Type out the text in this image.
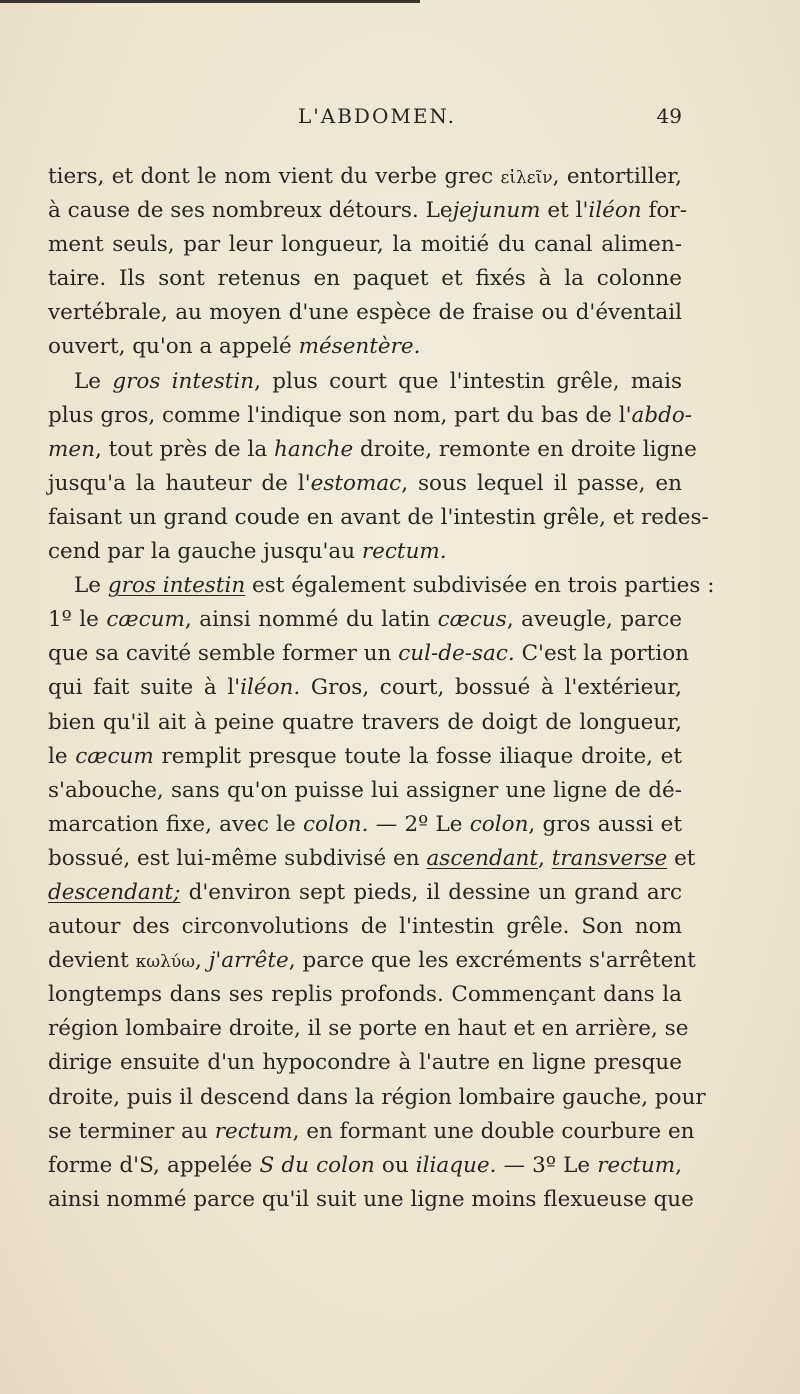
L'ABDOMEN.	49
tiers, et dont le nom vient du verbe grec εἰλεῖν, entortiller,
à cause de ses nombreux détours. Lejejunum et l'iléon for-
ment seuls, par leur longueur, la moitié du canal alimen-
taire. Ils sont retenus en paquet et fixés à la colonne
vertébrale, au moyen d'une espèce de fraise ou d'éventail
ouvert, qu'on a appelé mésentère.
Le gros intestin, plus court que l'intestin grêle, mais
plus gros, comme l'indique son nom, part du bas de l'abdo-
men, tout près de la hanche droite, remonte en droite ligne
jusqu'a la hauteur de l'estomac, sous lequel il passe, en
faisant un grand coude en avant de l'intestin grêle, et redes-
cend par la gauche jusqu'au rectum.
Le gros intestin est également subdivisée en trois parties :
1º le cæcum, ainsi nommé du latin cæcus, aveugle, parce
que sa cavité semble former un cul-de-sac. C'est la portion
qui fait suite à l'iléon. Gros, court, bossué à l'extérieur,
bien qu'il ait à peine quatre travers de doigt de longueur,
le cæcum remplit presque toute la fosse iliaque droite, et
s'abouche, sans qu'on puisse lui assigner une ligne de dé-
marcation fixe, avec le colon. — 2º Le colon, gros aussi et
bossué, est lui-même subdivisé en ascendant, transverse et
descendant; d'environ sept pieds, il dessine un grand arc
autour des circonvolutions de l'intestin grêle. Son nom
devient κωλύω, j'arrête, parce que les excréments s'arrêtent
longtemps dans ses replis profonds. Commençant dans la
région lombaire droite, il se porte en haut et en arrière, se
dirige ensuite d'un hypocondre à l'autre en ligne presque
droite, puis il descend dans la région lombaire gauche, pour
se terminer au rectum, en formant une double courbure en
forme d'S, appelée S du colon ou iliaque. — 3º Le rectum,
ainsi nommé parce qu'il suit une ligne moins flexueuse que
